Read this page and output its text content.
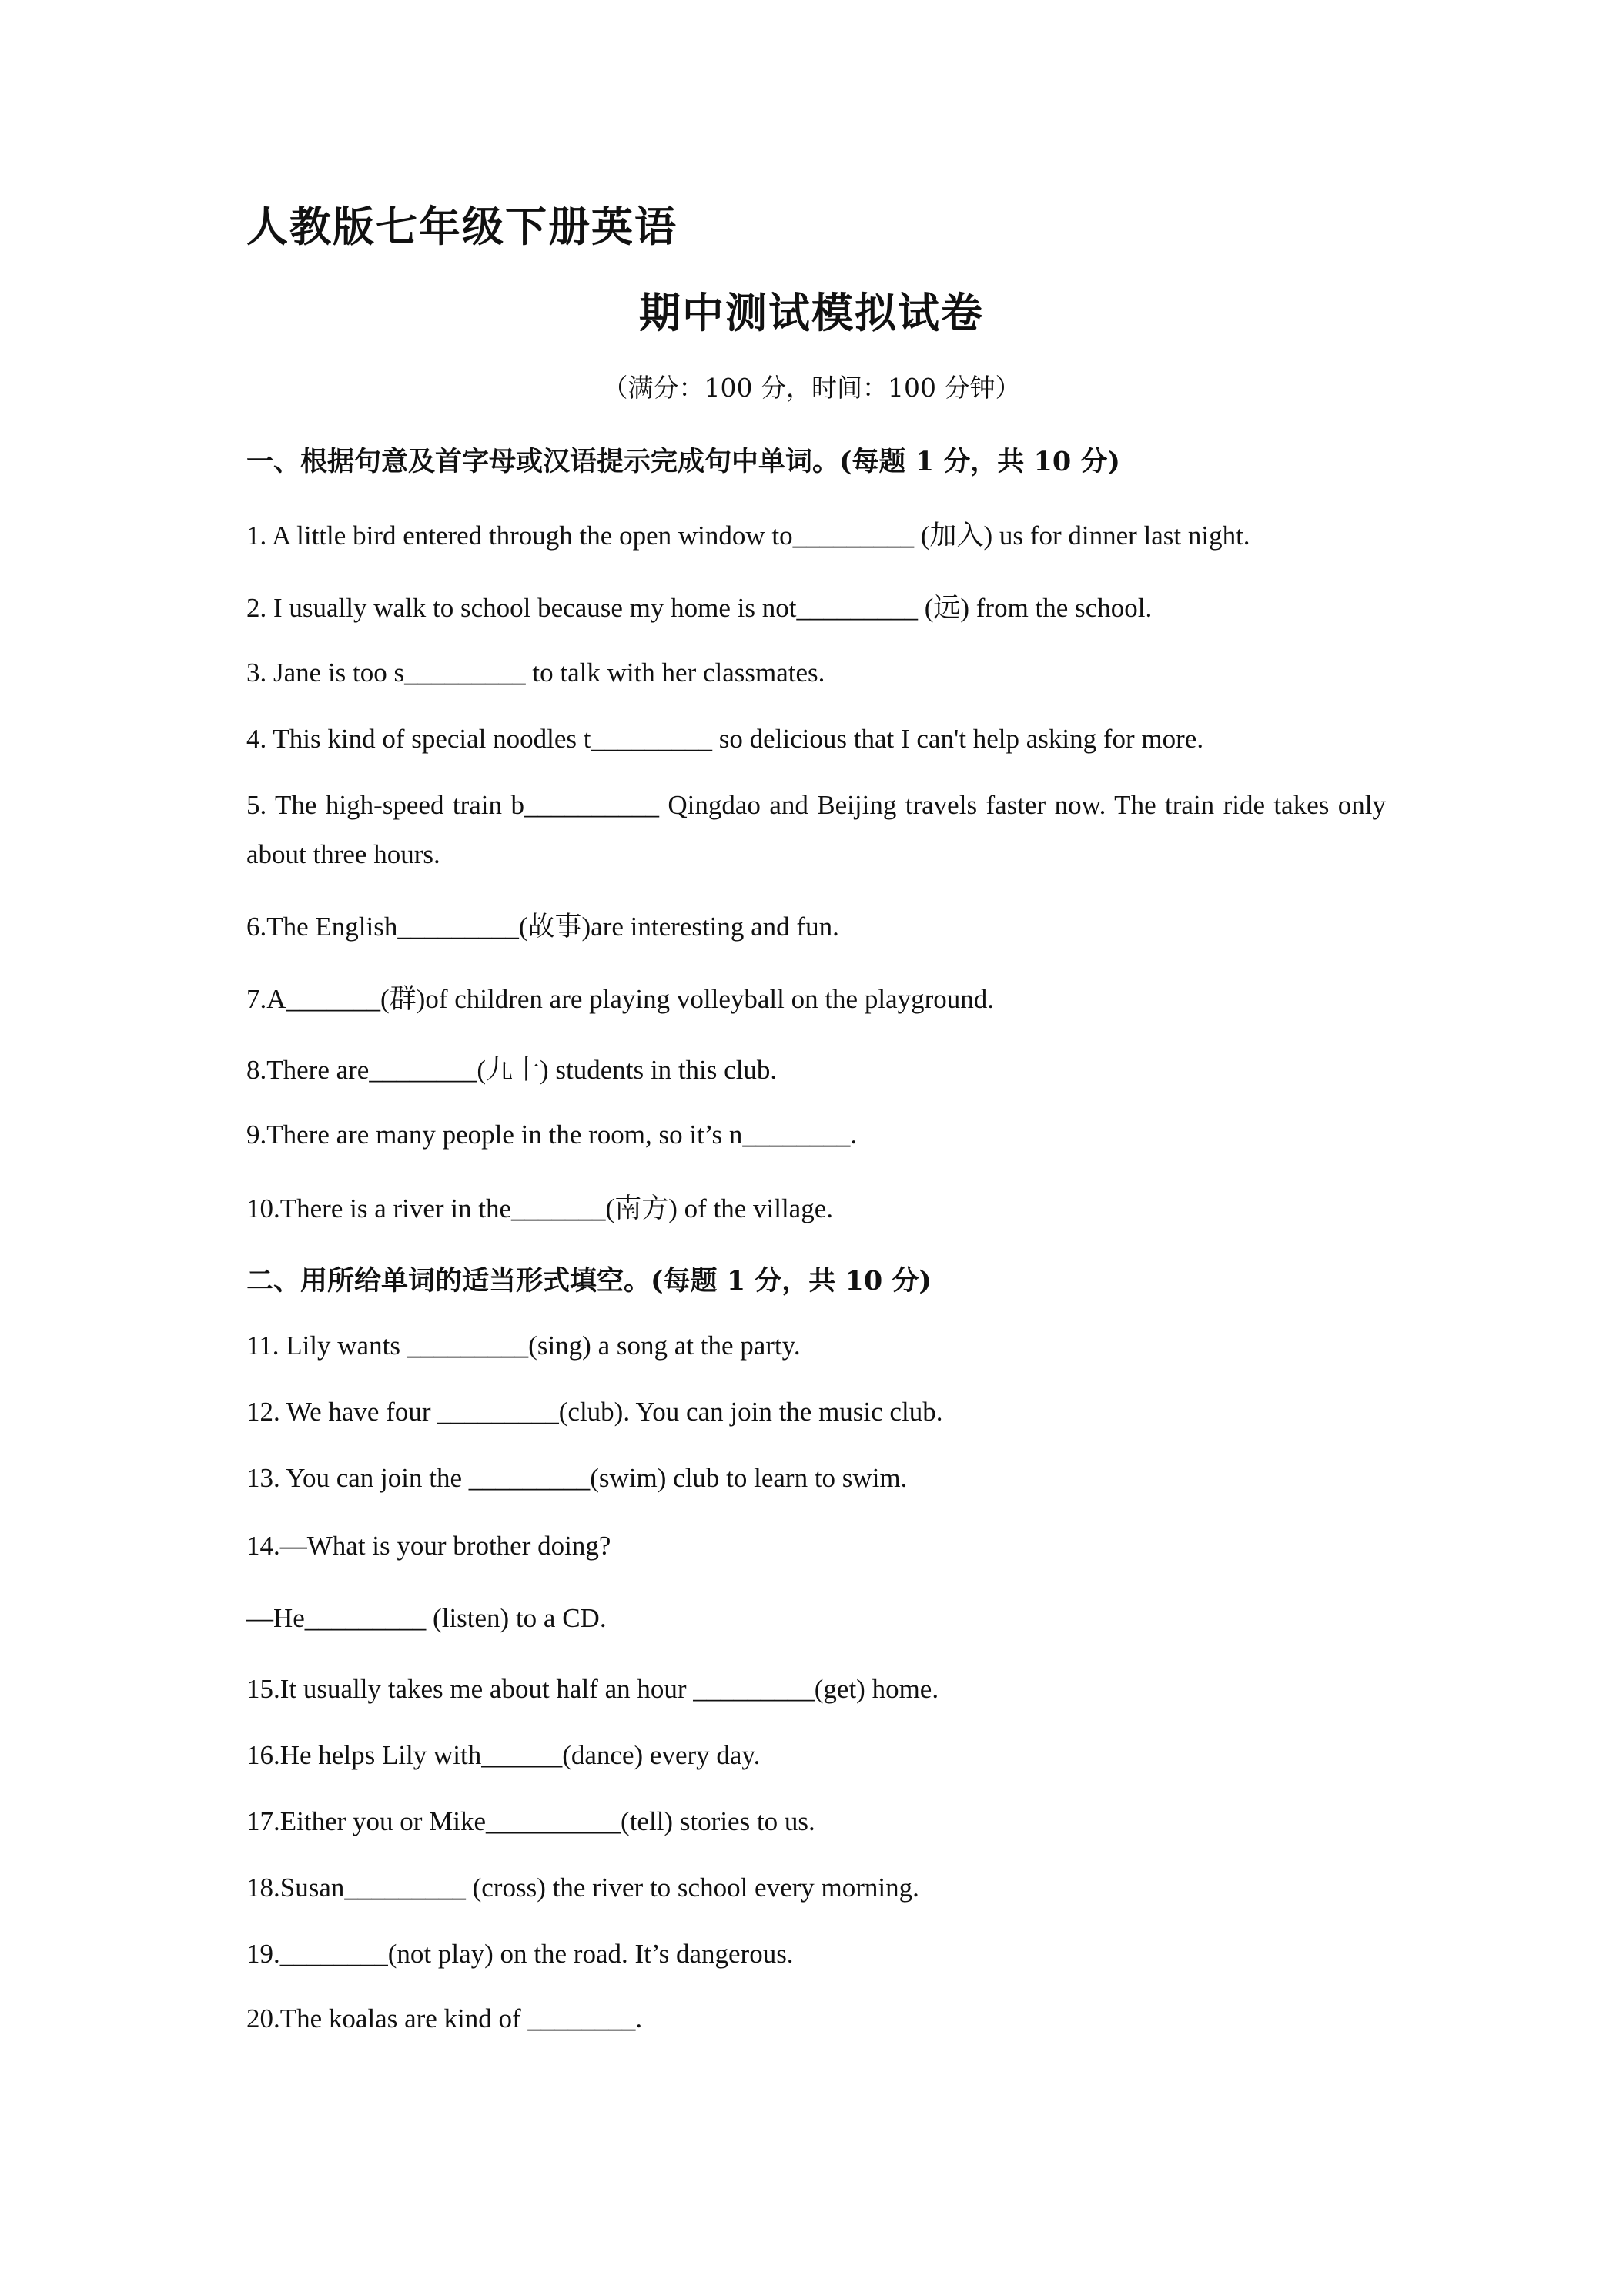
人教版七年级下册英语
期中测试模拟试卷
（满分：100 分，时间：100 分钟）
一、根据句意及首字母或汉语提示完成句中单词。(每题 1 分，共 10 分)
1. A little bird entered through the open window to_________ (加入) us for dinner last night.
2. I usually walk to school because my home is not_________ (远) from the school.
3. Jane is too s_________ to talk with her classmates.
4. This kind of special noodles t_________ so delicious that I can't help asking for more.
5. The high-speed train b__________ Qingdao and Beijing travels faster now. The train ride takes only about three hours.
6.The English_________(故事)are interesting and fun.
7.A_______(群)of children are playing volleyball on the playground.
8.There are________(九十) students in this club.
9.There are many people in the room, so it’s n________.
10.There is a river in the_______(南方) of the village.
二、用所给单词的适当形式填空。(每题 1 分，共 10 分)
11. Lily wants _________(sing) a song at the party.
12. We have four _________(club). You can join the music club.
13. You can join the _________(swim) club to learn to swim.
14.—What is your brother doing?
—He_________ (listen) to a CD.
15.It usually takes me about half an hour _________(get) home.
16.He helps Lily with______(dance) every day.
17.Either you or Mike__________(tell) stories to us.
18.Susan_________ (cross) the river to school every morning.
19.________(not play) on the road. It’s dangerous.
20.The koalas are kind of ________.
